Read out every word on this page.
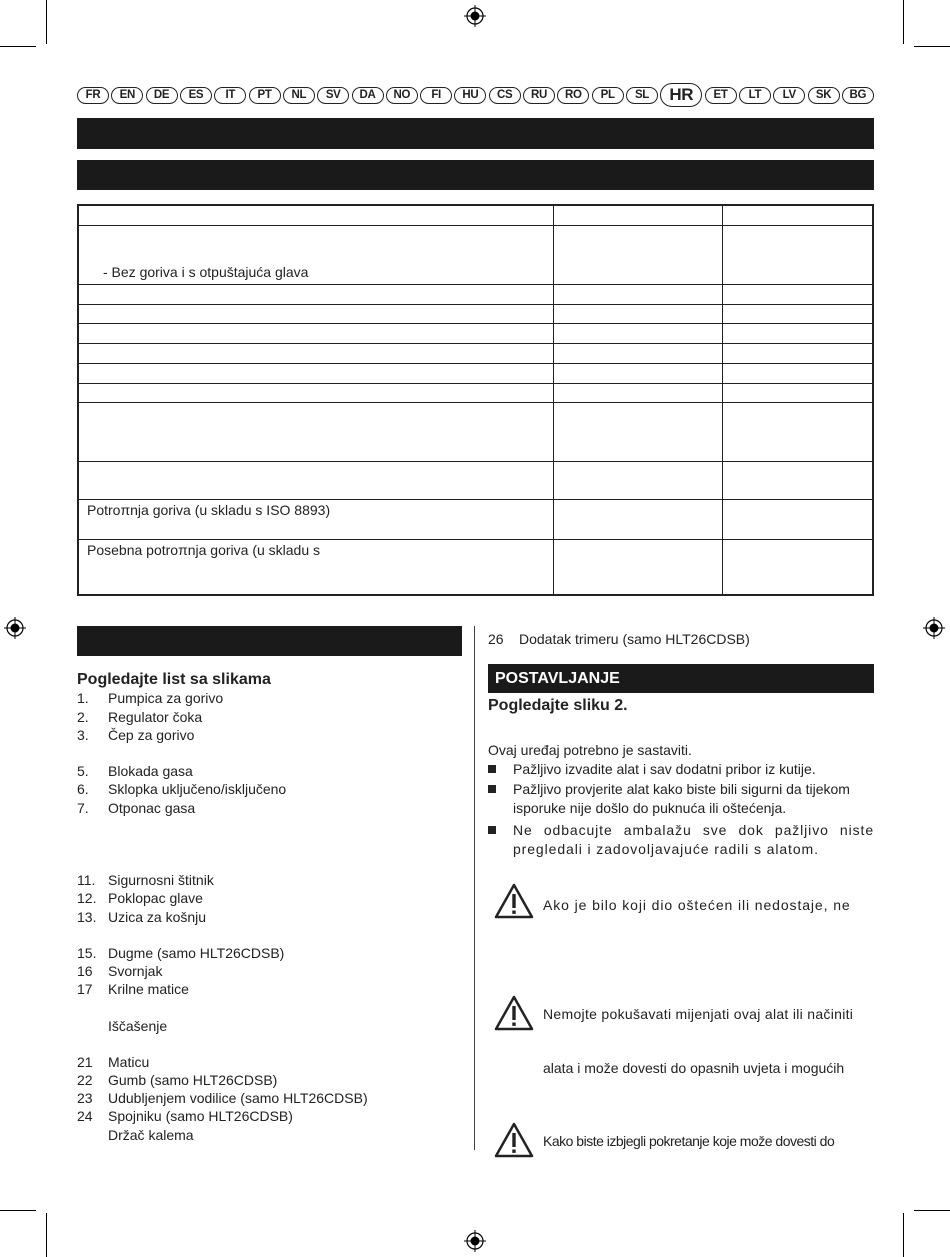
FR	EN	DE	ES	IT	PT	NL	SV	DA	NO	FI	HU	CS	RU	RO	PL	SL	HR	ET	LT	LV	SK	BG

- Bez goriva i s otpuštajuća glava		

Potroπnja goriva (u skladu s ISO 8893)		
Posebna potroπnja goriva (u skladu s		
Pogledajte list sa slikama
1. Pumpica za gorivo
2. Regulator čoka
3. Čep za gorivo
5. Blokada gasa
6. Sklopka uključeno/isključeno
7. Otponac gasa
11. Sigurnosni štitnik
12. Poklopac glave
13. Uzica za košnju
15. Dugme (samo HLT26CDSB)
16 Svornjak
17 Krilne matice
Iščašenje
21 Maticu
22 Gumb (samo HLT26CDSB)
23 Udubljenjem vodilice (samo HLT26CDSB)
24 Spojniku (samo HLT26CDSB)
Držač kalema
26 Dodatak trimeru (samo HLT26CDSB)
POSTAVLJANJE
Pogledajte sliku 2.
Ovaj uređaj potrebno je sastaviti.
Pažljivo izvadite alat i sav dodatni pribor iz kutije.
Pažljivo provjerite alat kako biste bili sigurni da tijekom isporuke nije došlo do puknuća ili oštećenja.
Ne odbacujte ambalažu sve dok pažljivo niste pregledali i zadovoljavajuće radili s alatom.
Ako je bilo koji dio oštećen ili nedostaje, ne
Nemojte pokušavati mijenjati ovaj alat ili načiniti
alata i može dovesti do opasnih uvjeta i mogućih
Kako biste izbjegli pokretanje koje može dovesti do
